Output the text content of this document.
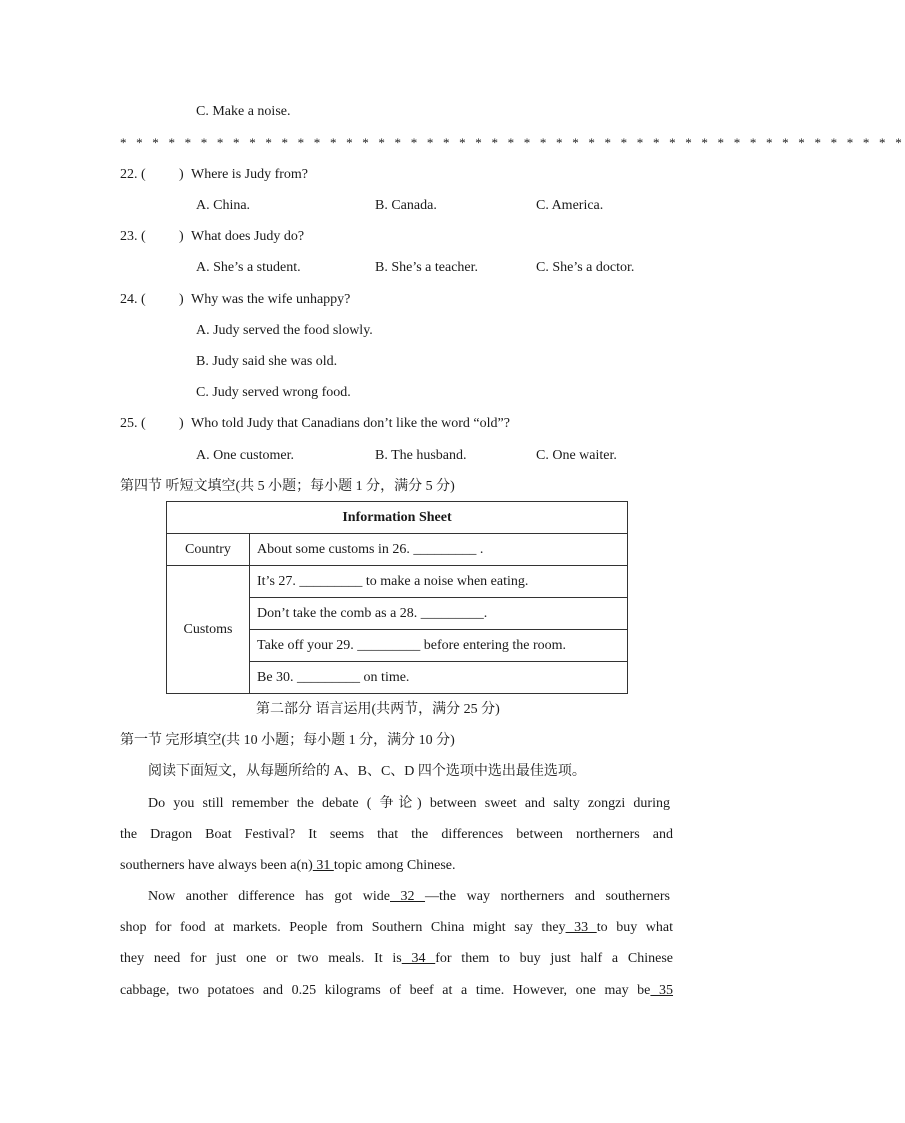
C. Make a noise.
* * * * * * * * * * * * * * * * * * * * * * * * * * * * * * * * * * * * * * * * * * * * * * * * *
22. ( ) Where is Judy from?
A. China.	B. Canada.	C. America.
23. ( ) What does Judy do?
A. She’s a student.	B. She’s a teacher.	C. She’s a doctor.
24. ( ) Why was the wife unhappy?
A. Judy served the food slowly.
B. Judy said she was old.
C. Judy served wrong food.
25. ( ) Who told Judy that Canadians don’t like the word “old”?
A. One customer.	B. The husband.	C. One waiter.
第四节 听短文填空(共 5 小题；每小题 1 分，满分 5 分)
Information Sheet	
Country	About some customs in 26. _________ .
Customs	It’s 27. _________ to make a noise when eating.
	Don’t take the comb as a 28. _________.
	Take off your 29. _________ before entering the room.
	Be 30. _________ on time.
第二部分 语言运用(共两节，满分 25 分)
第一节 完形填空(共 10 小题；每小题 1 分，满分 10 分)
阅读下面短文，从每题所给的 A、B、C、D 四个选项中选出最佳选项。
Do you still remember the debate ( 争论) between sweet and salty zongzi during
the Dragon Boat Festival? It seems that the differences between northerners and
southerners have always been a(n) 31 topic among Chinese.
Now another difference has got wide 32 —the way northerners and southerners
shop for food at markets. People from Southern China might say they 33 to buy what
they need for just one or two meals. It is 34 for them to buy just half a Chinese
cabbage, two potatoes and 0.25 kilograms of beef at a time. However, one may be 35
